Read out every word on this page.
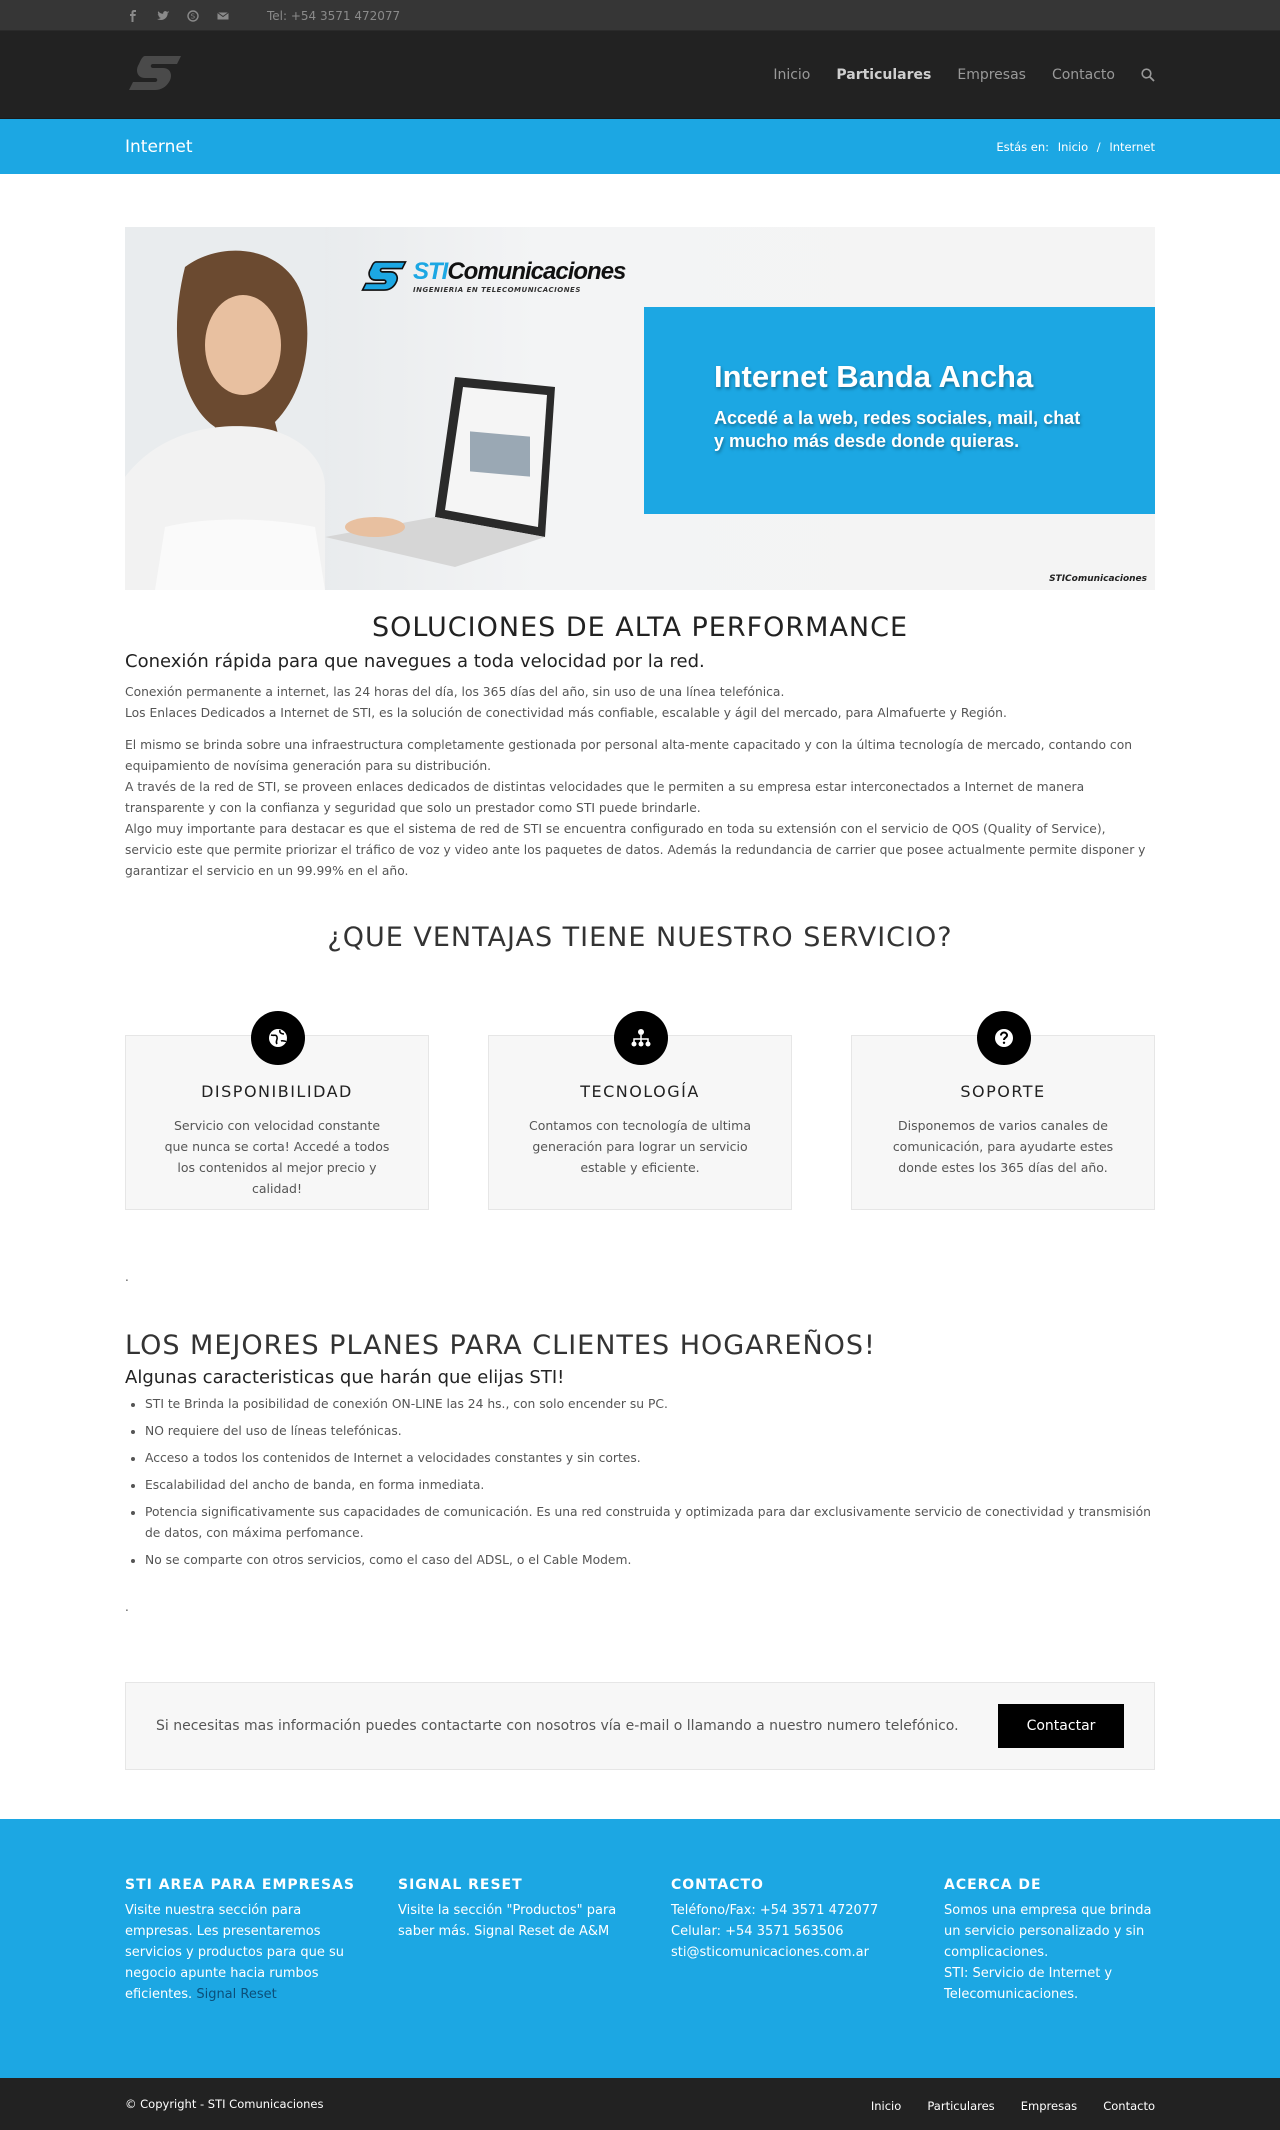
S	Tel: +54 3571 472077
Inicio Particulares Empresas Contacto
Internet	Estás en: Inicio / Internet
STIComunicaciones
INGENIERIA EN TELECOMUNICACIONES
Internet Banda Ancha
Accedé a la web, redes sociales, mail, chat
y mucho más desde donde quieras.
STIComunicaciones
SOLUCIONES DE ALTA PERFORMANCE
Conexión rápida para que navegues a toda velocidad por la red.

Conexión permanente a internet, las 24 horas del día, los 365 días del año, sin uso de una línea telefónica.

Los Enlaces Dedicados a Internet de STI, es la solución de conectividad más confiable, escalable y ágil del mercado, para Almafuerte y Región.

El mismo se brinda sobre una infraestructura completamente gestionada por personal alta-mente capacitado y con la última tecnología de mercado, contando con equipamiento de novísima generación para su distribución.

A través de la red de STI, se proveen enlaces dedicados de distintas velocidades que le permiten a su empresa estar interconectados a Internet de manera transparente y con la confianza y seguridad que solo un prestador como STI puede brindarle.

Algo muy importante para destacar es que el sistema de red de STI se encuentra configurado en toda su extensión con el servicio de QOS (Quality of Service), servicio este que permite priorizar el tráfico de voz y video ante los paquetes de datos. Además la redundancia de carrier que posee actualmente permite disponer y garantizar el servicio en un 99.99% en el año.

¿QUE VENTAJAS TIENE NUESTRO SERVICIO?
DISPONIBILIDAD

Servicio con velocidad constante que nunca se corta! Accedé a todos los contenidos al mejor precio y calidad!

TECNOLOGÍA

Contamos con tecnología de ultima generación para lograr un servicio estable y eficiente.

SOPORTE

Disponemos de varios canales de comunicación, para ayudarte estes donde estes los 365 días del año.

.
LOS MEJORES PLANES PARA CLIENTES HOGAREÑOS!
Algunas caracteristicas que harán que elijas STI!
• STI te Brinda la posibilidad de conexión ON-LINE las 24 hs., con solo encender su PC.
• NO requiere del uso de líneas telefónicas.
• Acceso a todos los contenidos de Internet a velocidades constantes y sin cortes.
• Escalabilidad del ancho de banda, en forma inmediata.
• Potencia significativamente sus capacidades de comunicación. Es una red construida y optimizada para dar exclusivamente servicio de conectividad y transmisión de datos, con máxima perfomance.
• No se comparte con otros servicios, como el caso del ADSL, o el Cable Modem.
.
Si necesitas mas información puedes contactarte con nosotros vía e-mail o llamando a nuestro numero telefónico.	Contactar
STI AREA PARA EMPRESAS

Visite nuestra sección para empresas. Les presentaremos servicios y productos para que su negocio apunte hacia rumbos eficientes. Signal Reset

SIGNAL RESET

Visite la sección "Productos" para saber más. Signal Reset de A&M

CONTACTO

Teléfono/Fax: +54 3571 472077
Celular: +54 3571 563506
sti@sticomunicaciones.com.ar

ACERCA DE

Somos una empresa que brinda un servicio personalizado y sin complicaciones.
STI: Servicio de Internet y Telecomunicaciones.

© Copyright - STI Comunicaciones	Inicio Particulares Empresas Contacto
